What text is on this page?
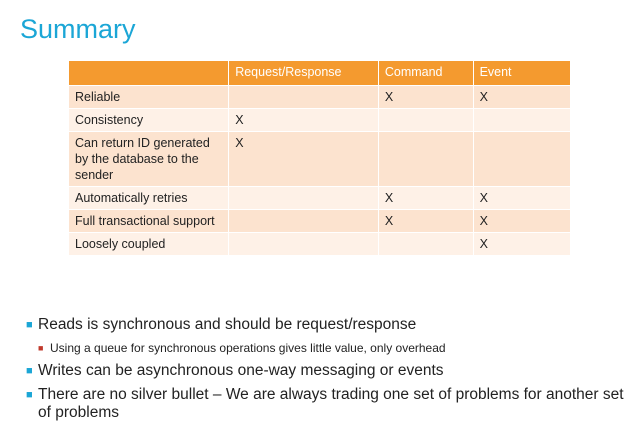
Summary
	Request/Response	Command	Event
Reliable		X	X
Consistency	X		
Can return ID generated by the database to the sender	X		
Automatically retries		X	X
Full transactional support		X	X
Loosely coupled			X
■ Reads is synchronous and should be request/response
■ Using a queue for synchronous operations gives little value, only overhead
■ Writes can be asynchronous one-way messaging or events
■ There are no silver bullet – We are always trading one set of problems for another set of problems
